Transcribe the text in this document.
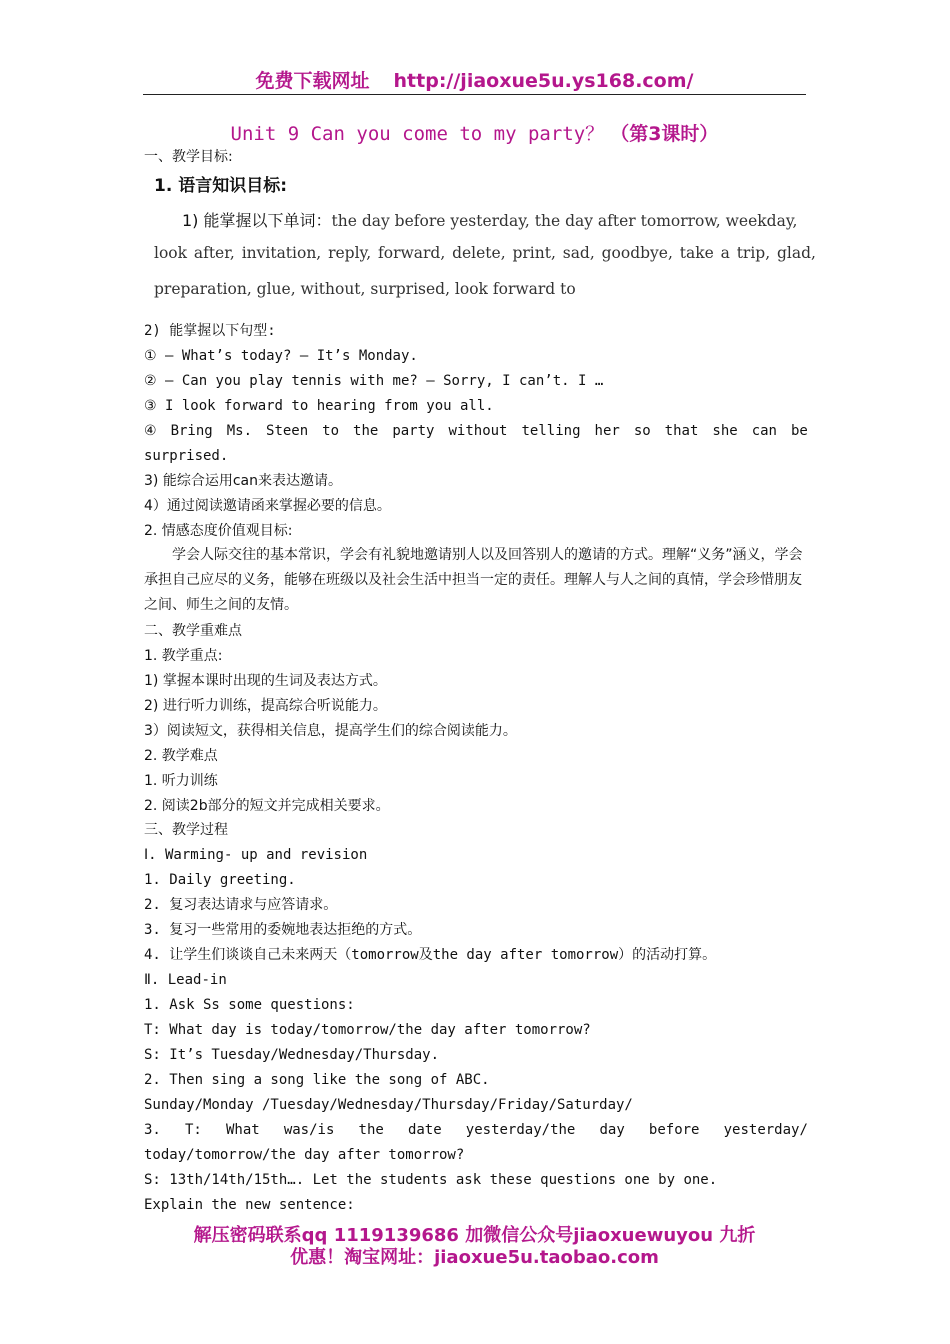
免费下载网址 http://jiaoxue5u.ys168.com/
Unit 9 Can you come to my party？ （第3课时）
一、教学目标:
1. 语言知识目标:
1) 能掌握以下单词：the day before yesterday, the day after tomorrow, weekday,
look after, invitation, reply, forward, delete, print, sad, goodbye, take a trip, glad,
preparation, glue, without, surprised, look forward to
2) 能掌握以下句型:
① — What’s today? — It’s Monday.
② — Can you play tennis with me? — Sorry, I can’t. I …
③ I look forward to hearing from you all.
④ Bring Ms. Steen to the party without telling her so that she can be
surprised.
3) 能综合运用can来表达邀请。
4）通过阅读邀请函来掌握必要的信息。
2. 情感态度价值观目标:
学会人际交往的基本常识，学会有礼貌地邀请别人以及回答别人的邀请的方式。理解“义务”涵义，学会承担自己应尽的义务，能够在班级以及社会生活中担当一定的责任。理解人与人之间的真情，学会珍惜朋友之间、师生之间的友情。
二、教学重难点
1. 教学重点:
1) 掌握本课时出现的生词及表达方式。
2) 进行听力训练，提高综合听说能力。
3）阅读短文，获得相关信息，提高学生们的综合阅读能力。
2. 教学难点
1. 听力训练
2. 阅读2b部分的短文并完成相关要求。
三、教学过程
Ⅰ. Warming- up and revision
1. Daily greeting.
2. 复习表达请求与应答请求。
3. 复习一些常用的委婉地表达拒绝的方式。
4. 让学生们谈谈自己未来两天（tomorrow及the day after tomorrow）的活动打算。
Ⅱ. Lead-in
1. Ask Ss some questions:
T: What day is today/tomorrow/the day after tomorrow?
S: It’s Tuesday/Wednesday/Thursday.
2. Then sing a song like the song of ABC.
Sunday/Monday /Tuesday/Wednesday/Thursday/Friday/Saturday/
3. T: What was/is the date yesterday/the day before yesterday/
today/tomorrow/the day after tomorrow?
S: 13th/14th/15th…. Let the students ask these questions one by one.
Explain the new sentence:
解压密码联系qq 1119139686 加微信公众号jiaoxuewuyou 九折
优惠！淘宝网址：jiaoxue5u.taobao.com
